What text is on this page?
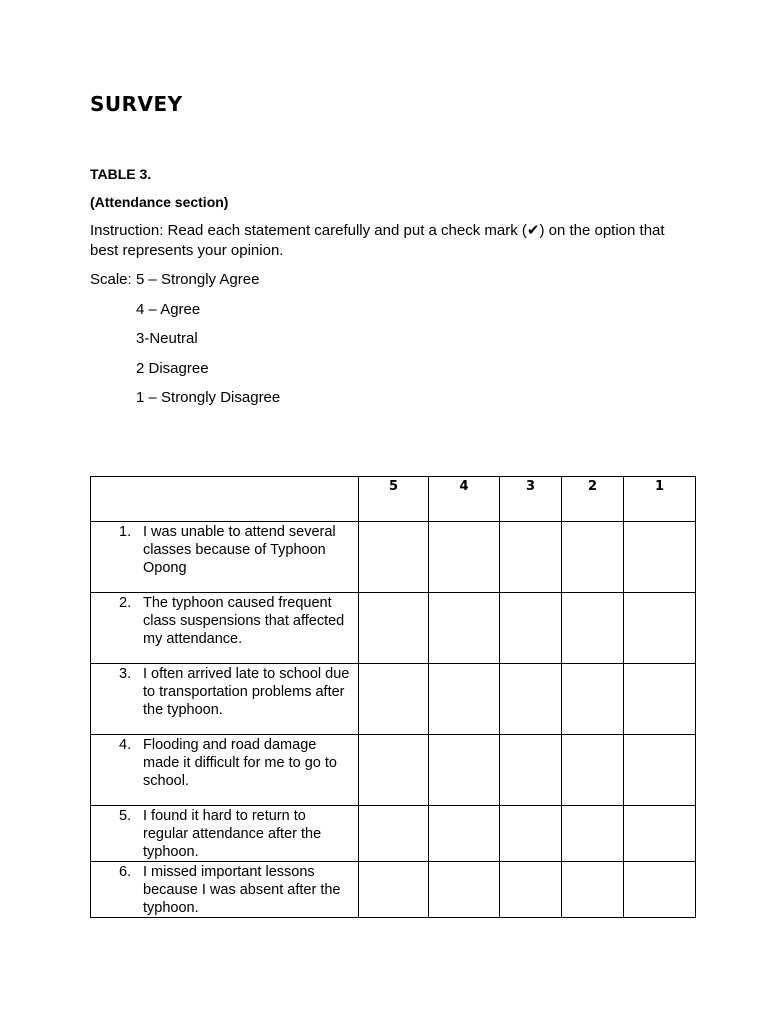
SURVEY
TABLE 3.
(Attendance section)
Instruction: Read each statement carefully and put a check mark (✔) on the option that best represents your opinion.
Scale: 5 – Strongly Agree
4 – Agree
3-Neutral
2 Disagree
1 – Strongly Disagree
	5	4	3	2	1

1. I was unable to attend several classes because of Typhoon Opong					

2. The typhoon caused frequent class suspensions that affected my attendance.					

3. I often arrived late to school due to transportation problems after the typhoon.					

4. Flooding and road damage made it difficult for me to go to school.					

5. I found it hard to return to regular attendance after the typhoon.					

6. I missed important lessons because I was absent after the typhoon.					
